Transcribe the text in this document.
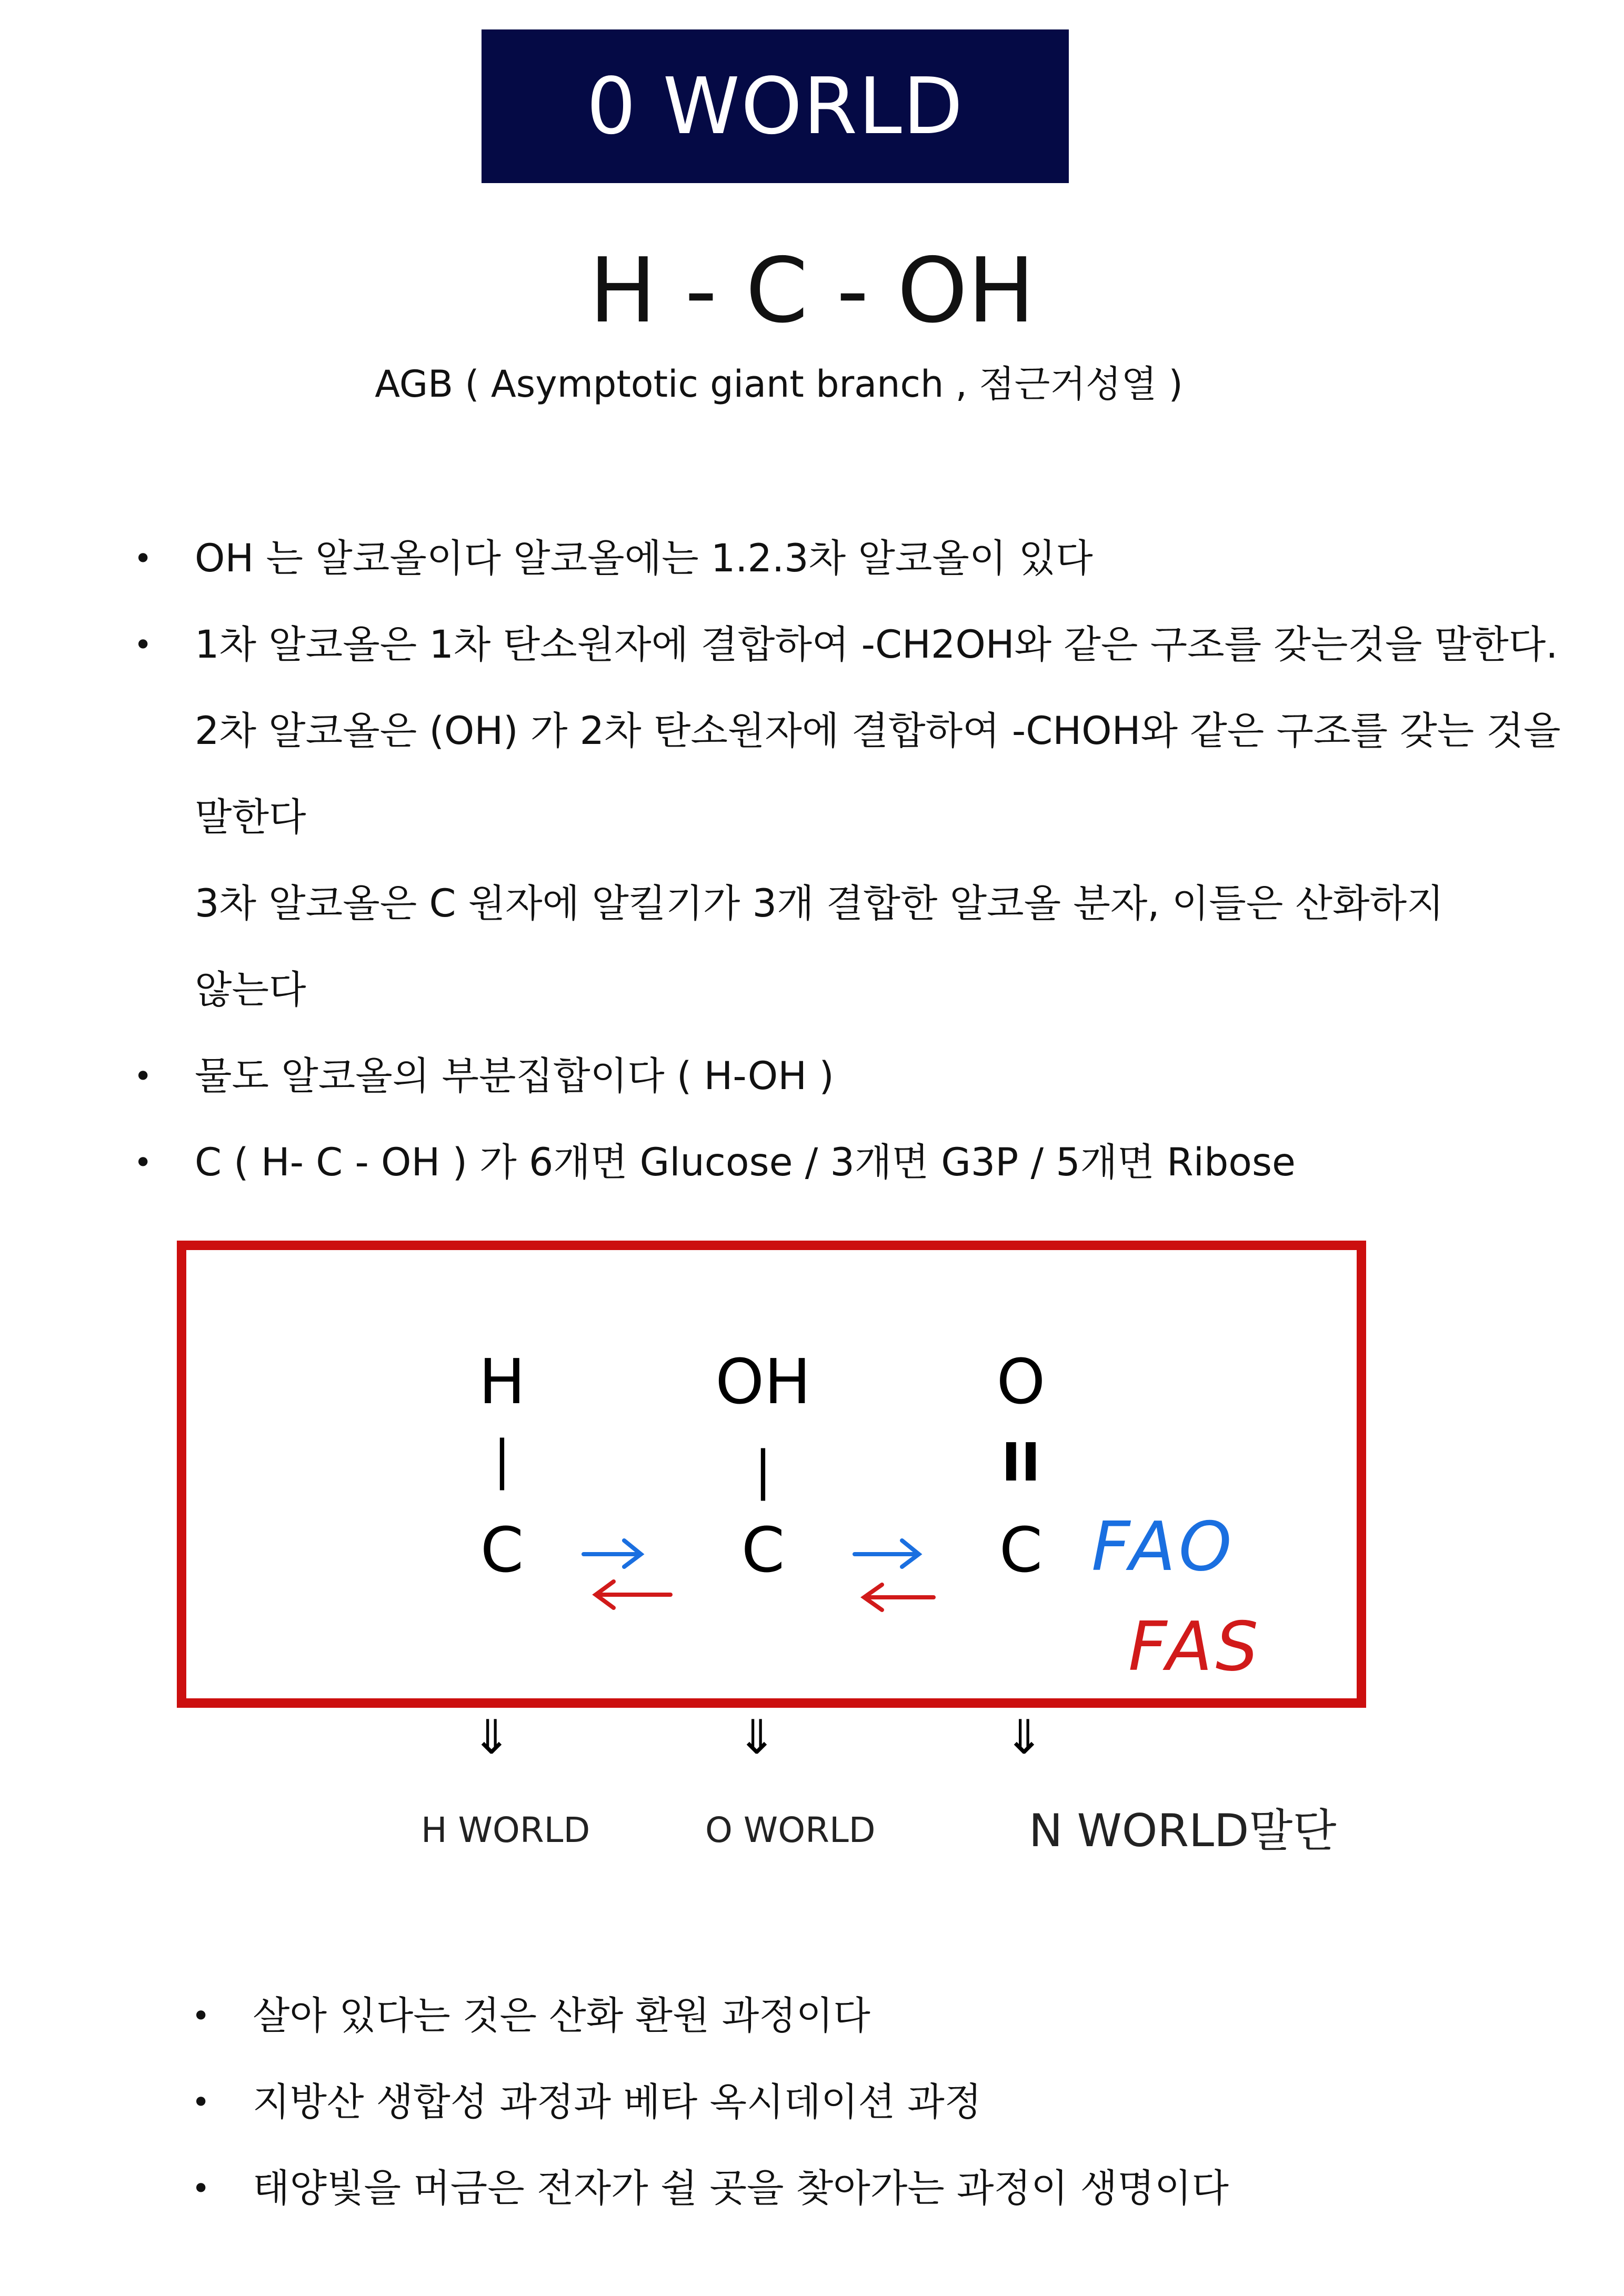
0 WORLD
H - C - OH
AGB ( Asymptotic giant branch , 점근거성열 )
• OH 는 알코올이다 알코올에는 1.2.3차 알코올이 있다
• 1차 알코올은 1차 탄소원자에 결합하여 -CH2OH와 같은 구조를 갖는것을 말한다.
2차 알코올은 (OH) 가 2차 탄소원자에 결합하여 -CHOH와 같은 구조를 갖는 것을
말한다
3차 알코올은 C 원자에 알킬기가 3개 결합한 알코올 분자, 이들은 산화하지
않는다
• 물도 알코올의 부분집합이다 ( H-OH )
• C ( H- C - OH ) 가 6개면 Glucose / 3개면 G3P / 5개면 Ribose
H	OH	O
|	|	II
C	C	C FAO
FAS
⇓	⇓	⇓
H WORLD	O WORLD	N WORLD말단
• 살아 있다는 것은 산화 환원 과정이다
• 지방산 생합성 과정과 베타 옥시데이션 과정
• 태양빛을 머금은 전자가 쉴 곳을 찾아가는 과정이 생명이다
